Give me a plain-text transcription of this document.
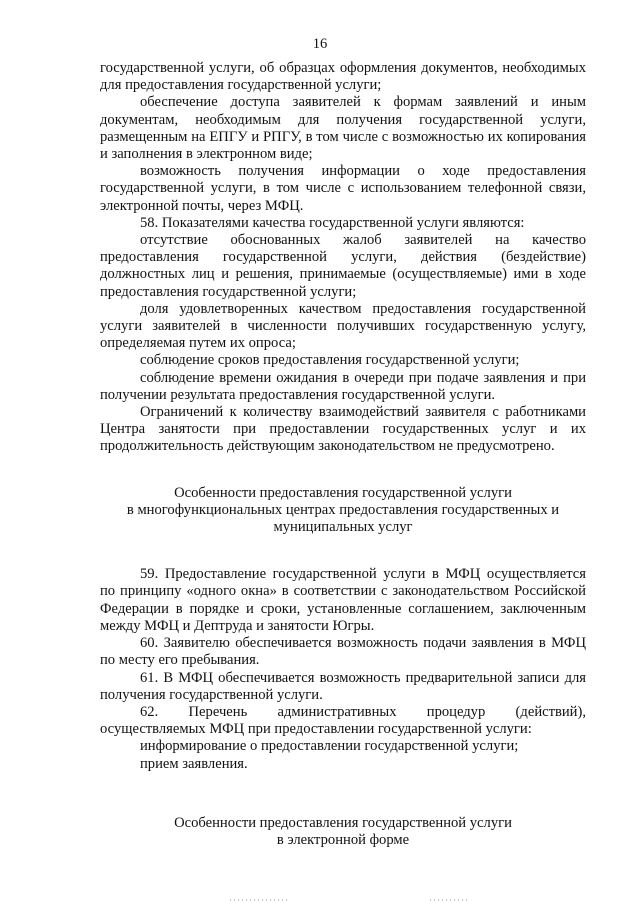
16

государственной услуги, об образцах оформления документов, необходимых для предоставления государственной услуги;

обеспечение доступа заявителей к формам заявлений и иным документам, необходимым для получения государственной услуги, размещенным на ЕПГУ и РПГУ, в том числе с возможностью их копирования и заполнения в электронном виде;

возможность получения информации о ходе предоставления государственной услуги, в том числе с использованием телефонной связи, электронной почты, через МФЦ.

58. Показателями качества государственной услуги являются:

отсутствие обоснованных жалоб заявителей на качество предоставления государственной услуги, действия (бездействие) должностных лиц и решения, принимаемые (осуществляемые) ими в ходе предоставления государственной услуги;

доля удовлетворенных качеством предоставления государственной услуги заявителей в численности получивших государственную услугу, определяемая путем их опроса;

соблюдение сроков предоставления государственной услуги;

соблюдение времени ожидания в очереди при подаче заявления и при получении результата предоставления государственной услуги.

Ограничений к количеству взаимодействий заявителя с работниками Центра занятости при предоставлении государственных услуг и их продолжительность действующим законодательством не предусмотрено.

Особенности предоставления государственной услуги

в многофункциональных центрах предоставления государственных и

муниципальных услуг

59. Предоставление государственной услуги в МФЦ осуществляется по принципу «одного окна» в соответствии с законодательством Российской Федерации в порядке и сроки, установленные соглашением, заключенным между МФЦ и Дептруда и занятости Югры.

60. Заявителю обеспечивается возможность подачи заявления в МФЦ по месту его пребывания.

61. В МФЦ обеспечивается возможность предварительной записи для получения государственной услуги.

62. Перечень административных процедур (действий), осуществляемых МФЦ при предоставлении государственной услуги:

информирование о предоставлении государственной услуги;

прием заявления.

Особенности предоставления государственной услуги

в электронной форме
